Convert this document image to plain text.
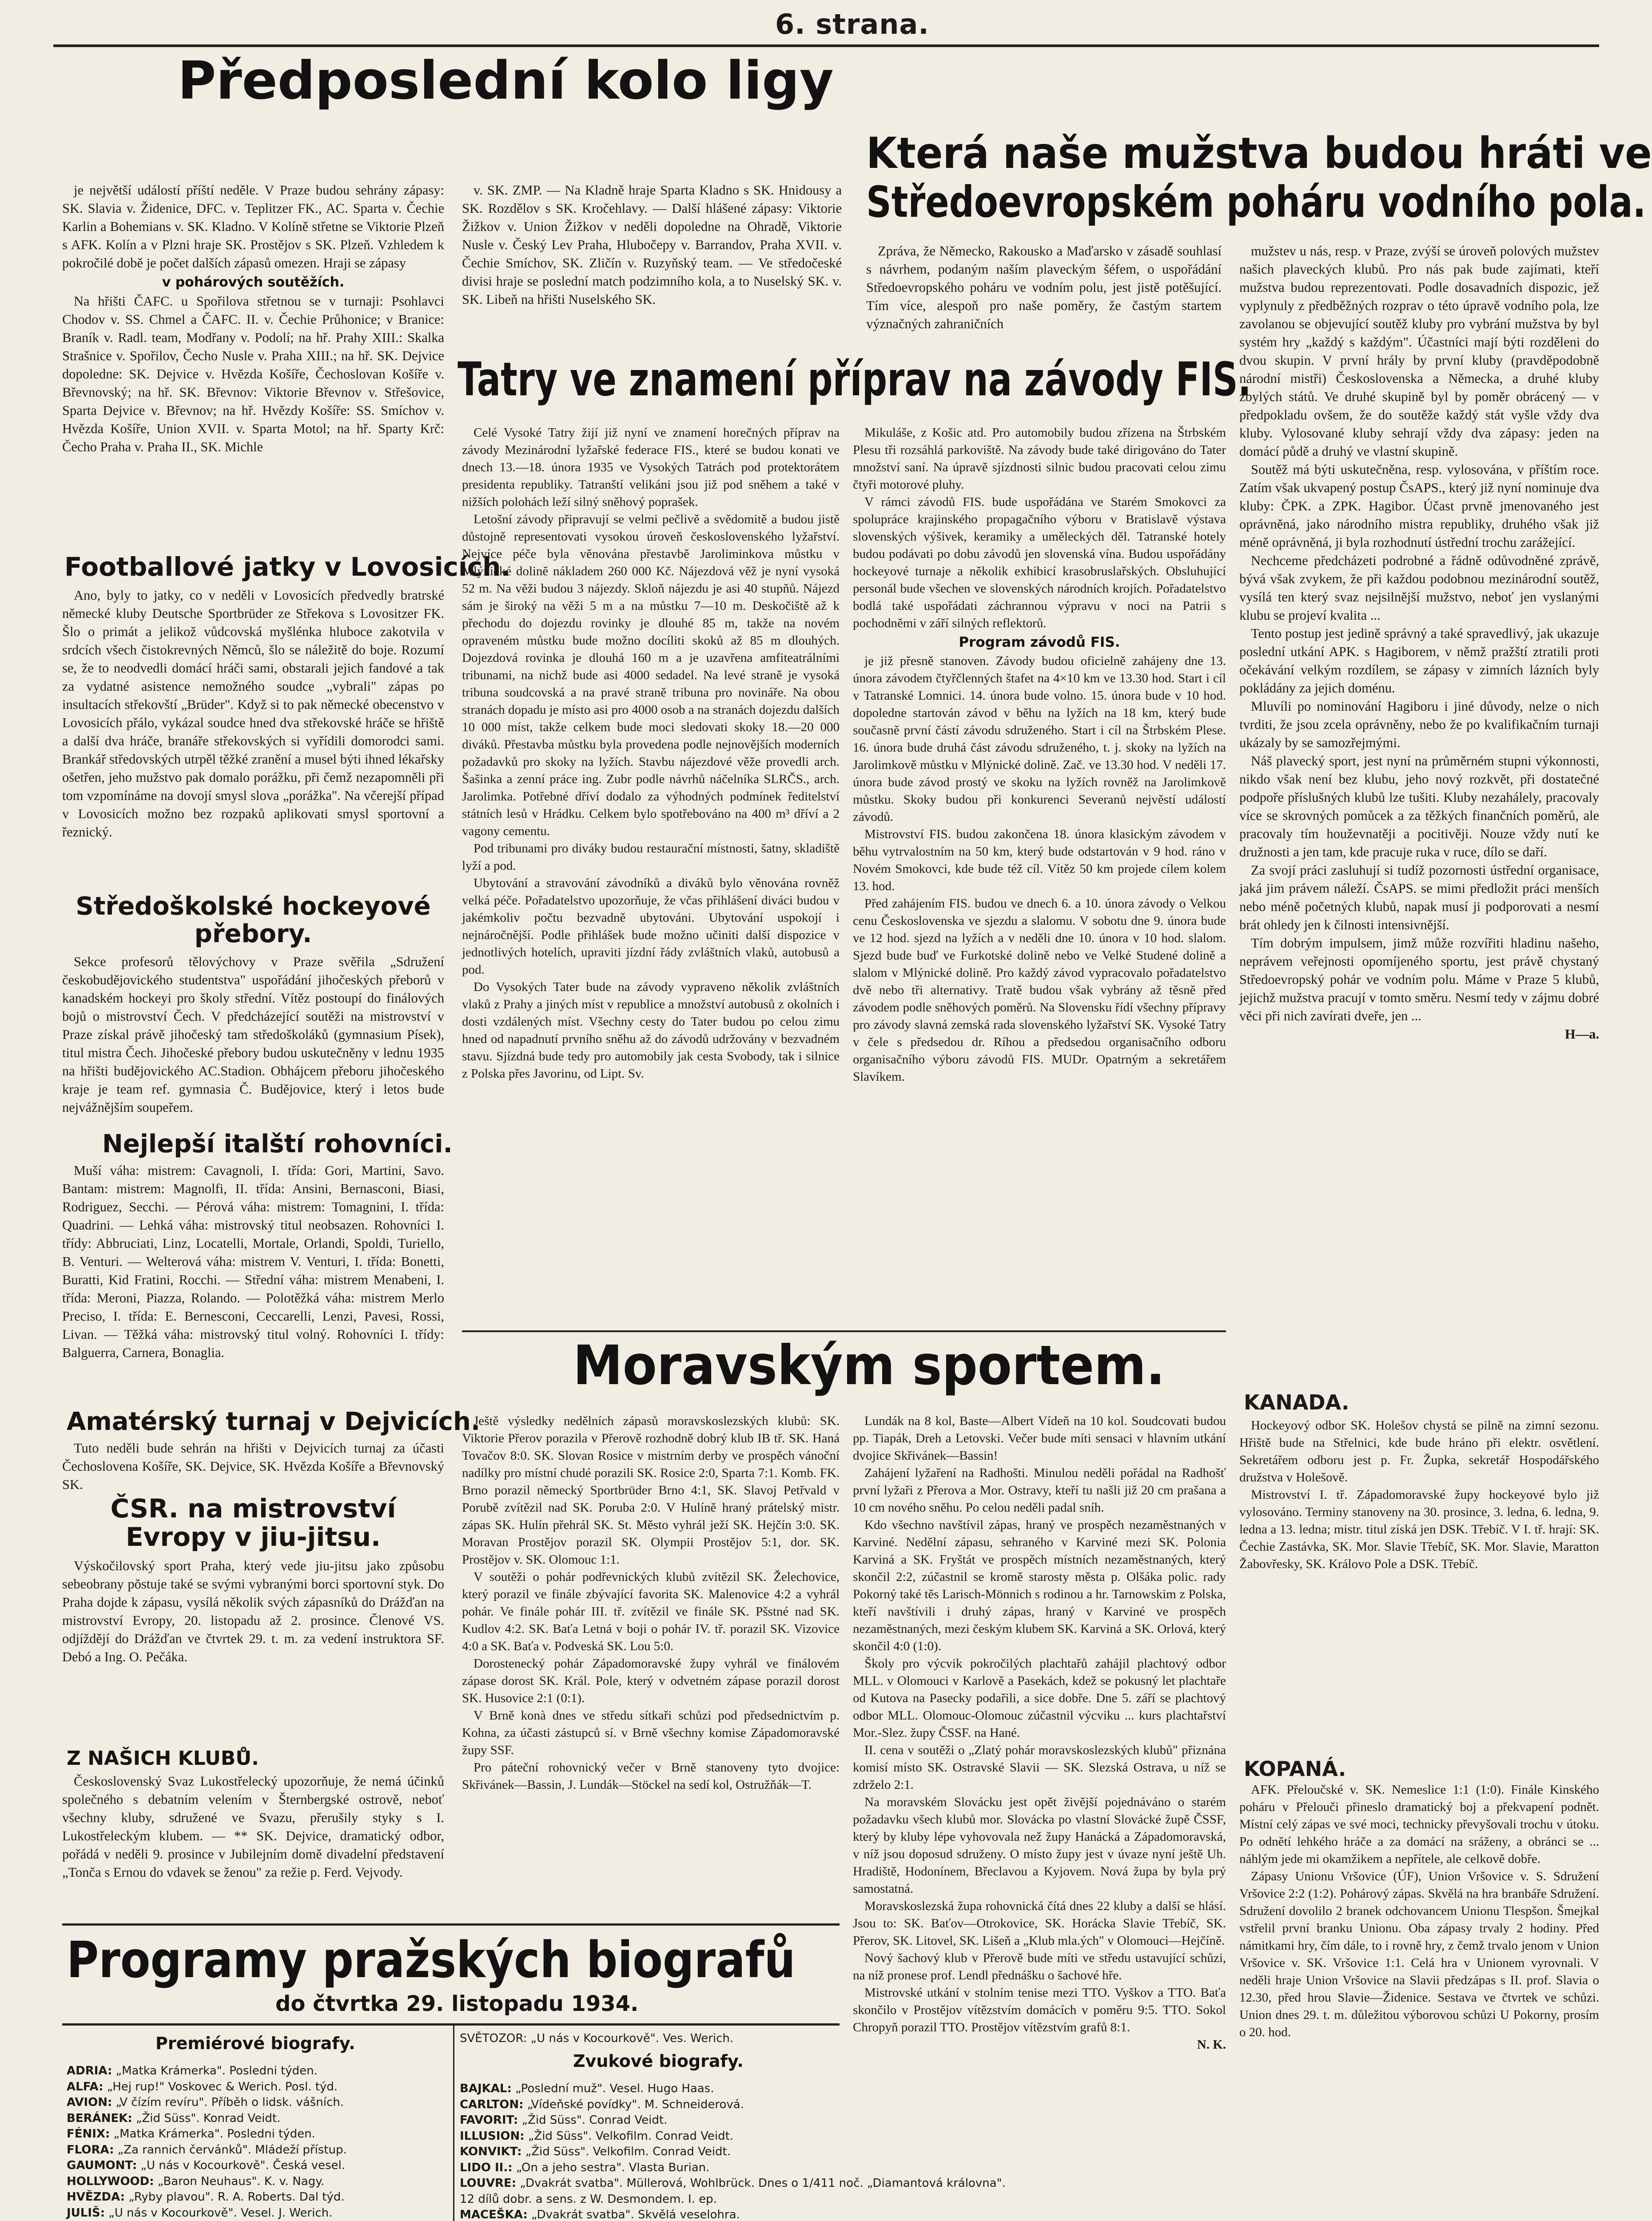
6. strana.
Předposlední kolo ligy

je největší událostí příští neděle. V Praze budou sehrány zápasy: SK. Slavia v. Židenice, DFC. v. Teplitzer FK., AC. Sparta v. Čechie Karlin a Bohemians v. SK. Kladno. V Kolíně střetne se Viktorie Plzeň s AFK. Kolín a v Plzni hraje SK. Prostějov s SK. Plzeň. Vzhledem k pokročilé době je počet dalších zápasů omezen. Hraji se zápasy

v pohárových soutěžích.

Na hřišti ČAFC. u Spořilova střetnou se v turnaji: Psohlavci Chodov v. SS. Chmel a ČAFC. II. v. Čechie Průhonice; v Branice: Braník v. Radl. team, Modřany v. Podolí; na hř. Prahy XIII.: Skalka Strašnice v. Spořilov, Čecho Nusle v. Praha XIII.; na hř. SK. Dejvice dopoledne: SK. Dejvice v. Hvězda Košíře, Čechoslovan Košíře v. Břevnovský; na hř. SK. Břevnov: Viktorie Břevnov v. Střešovice, Sparta Dejvice v. Břevnov; na hř. Hvězdy Košíře: SS. Smíchov v. Hvězda Košíře, Union XVII. v. Sparta Motol; na hř. Sparty Krč: Čecho Praha v. Praha II., SK. Michle

v. SK. ZMP. — Na Kladně hraje Sparta Kladno s SK. Hnidousy a SK. Rozdělov s SK. Kročehlavy. — Další hlášené zápasy: Viktorie Žižkov v. Union Žižkov v neděli dopoledne na Ohradě, Viktorie Nusle v. Český Lev Praha, Hlubočepy v. Barrandov, Praha XVII. v. Čechie Smíchov, SK. Zličín v. Ruzyňský team. — Ve středočeské divisi hraje se poslední match podzimního kola, a to Nuselský SK. v. SK. Libeň na hřišti Nuselského SK.

Footballové jatky v Lovosicích.

Ano, byly to jatky, co v neděli v Lovosicích předvedly bratrské německé kluby Deutsche Sportbrüder ze Střekova s Lovositzer FK. Šlo o primát a jelikož vůdcovská myšlénka hluboce zakotvila v srdcích všech čistokrevných Němců, šlo se náležitě do boje. Rozumí se, že to neodvedli domácí hráči sami, obstarali jejich fandové a tak za vydatné asistence nemožného soudce „vybrali" zápas po insultacích střekovští „Brüder". Když si to pak německé obecenstvo v Lovosicích přálo, vykázal soudce hned dva střekovské hráče se hřiště a další dva hráče, branáře střekovských si vyřídili domorodci sami. Brankář středovských utrpěl těžké zranění a musel býti ihned lékařsky ošetřen, jeho mužstvo pak domalo porážku, při čemž nezapomněli při tom vzpomínáme na dovojí smysl slova „porážka". Na včerejší případ v Lovosicích možno bez rozpaků aplikovati smysl sportovní a řeznický.

Středoškolské hockeyové přebory.

Sekce profesorů tělovýchovy v Praze svěřila „Sdružení českobudějovického studentstva" uspořádání jihočeských přeborů v kanadském hockeyi pro školy střední. Vítěz postoupí do finálových bojů o mistrovství Čech. V předcházející soutěži na mistrovství v Praze získal právě jihočeský tam středoškoláků (gymnasium Písek), titul mistra Čech. Jihočeské přebory budou uskutečněny v lednu 1935 na hřišti budějovického AC.Stadion. Obhájcem přeboru jihočeského kraje je team ref. gymnasia Č. Budějovice, který i letos bude nejvážnějším soupeřem.

Nejlepší italští rohovníci.

Muší váha: mistrem: Cavagnoli, I. třída: Gori, Martini, Savo. Bantam: mistrem: Magnolfi, II. třída: Ansini, Bernasconi, Biasi, Rodriguez, Secchi. — Pérová váha: mistrem: Tomagnini, I. třída: Quadrini. — Lehká váha: mistrovský titul neobsazen. Rohovníci I. třídy: Abbruciati, Linz, Locatelli, Mortale, Orlandi, Spoldi, Turiello, B. Venturi. — Welterová váha: mistrem V. Venturi, I. třída: Bonetti, Buratti, Kid Fratini, Rocchi. — Střední váha: mistrem Menabeni, I. třída: Meroni, Piazza, Rolando. — Polotěžká váha: mistrem Merlo Preciso, I. třída: E. Bernesconi, Ceccarelli, Lenzi, Pavesi, Rossi, Livan. — Těžká váha: mistrovský titul volný. Rohovníci I. třídy: Balguerra, Carnera, Bonaglia.

Amatérský turnaj v Dejvicích.

Tuto neděli bude sehrán na hřišti v Dejvicích turnaj za účasti Čechoslovena Košíře, SK. Dejvice, SK. Hvězda Košíře a Břevnovský SK.

ČSR. na mistrovství Evropy v jiu-jitsu.

Výskočilovský sport Praha, který vede jiu-jitsu jako způsobu sebeobrany pŏstuje také se svými vybranými borci sportovní styk. Do Praha dojde k zápasu, vysílá několik svých zápasníků do Drážďan na mistrovství Evropy, 20. listopadu až 2. prosince. Členové VS. odjíždějí do Drážďan ve čtvrtek 29. t. m. za vedení instruktora SF. Debó a Ing. O. Pečáka.

Z NAŠICH KLUBŮ.

Československý Svaz Lukostřelecký upozorňuje, že nemá účinků společného s debatním velením v Šternbergské ostrově, neboť všechny kluby, sdružené ve Svazu, přerušily styky s I. Lukostřeleckým klubem. — ** SK. Dejvice, dramatický odbor, pořádá v neděli 9. prosince v Jubilejním domě divadelní představení „Tonča s Ernou do vdavek se ženou" za režie p. Ferd. Vejvody.

Která naše mužstva budou hráti ve
Středoevropském poháru vodního pola.

Zpráva, že Německo, Rakousko a Maďarsko v zásadě souhlasí s návrhem, podaným naším plaveckým šéfem, o uspořádání Středoevropského poháru ve vodním polu, jest jistě potěšující. Tím více, alespoň pro naše poměry, že častým startem význačných zahraničních

mužstev u nás, resp. v Praze, zvýší se úroveň polových mužstev našich plaveckých klubů. Pro nás pak bude zajímati, kteří mužstva budou reprezentovati. Podle dosavadních dispozic, jež vyplynuly z předběžných rozprav o této úpravě vodního pola, lze zavolanou se objevující soutěž kluby pro vybrání mužstva by byl systém hry „každý s každým". Účastníci mají býti rozděleni do dvou skupin. V první hrály by první kluby (pravděpodobně národní mistři) Československa a Německa, a druhé kluby zbylých států. Ve druhé skupině byl by poměr obrácený — v předpokladu ovšem, že do soutěže každý stát vyšle vždy dva kluby. Vylosované kluby sehrají vždy dva zápasy: jeden na domácí půdě a druhý ve vlastní skupině.

Soutěž má býti uskutečněna, resp. vylosována, v příštím roce. Zatím však ukvapený postup ČsAPS., který již nyní nominuje dva kluby: ČPK. a ZPK. Hagibor. Účast prvně jmenovaného jest oprávněná, jako národního mistra republiky, druhého však již méně oprávněná, ji byla rozhodnutí ústřední trochu zarážející.

Nechceme předcházeti podrobné a řádně odůvodněné zprávě, bývá však zvykem, že při každou podobnou mezinárodní soutěž, vysílá ten který svaz nejsilnější mužstvo, neboť jen vyslanými klubu se projeví kvalita ...

Tento postup jest jedině správný a také spravedlivý, jak ukazuje poslední utkání APK. s Hagiborem, v němž pražští ztratili proti očekávání velkým rozdílem, se zápasy v zimních lázních byly pokládány za jejich doménu.

Mluvíli po nominování Hagiboru i jiné důvody, nelze o nich tvrditi, že jsou zcela oprávněny, nebo že po kvalifikačním turnaji ukázaly by se samozřejmými.

Náš plavecký sport, jest nyní na průměrném stupni výkonnosti, nikdo však není bez klubu, jeho nový rozkvět, při dostatečné podpoře příslušných klubů lze tušiti. Kluby nezahálely, pracovaly více se skrovných pomůcek a za těžkých finančních poměrů, ale pracovaly tím houževnatěji a pocitivěji. Nouze vždy nutí ke družnosti a jen tam, kde pracuje ruka v ruce, dílo se daří.

Za svojí práci zasluhují si tudíž pozornosti ústřední organisace, jaká jim právem náleží. ČsAPS. se mimi předložit práci menších nebo méně početných klubů, napak musí ji podporovati a nesmí brát ohledy jen k čilnosti intensivnější.

Tím dobrým impulsem, jimž může rozvířiti hladinu našeho, neprávem veřejnosti opomíjeného sportu, jest právě chystaný Středoevropský pohár ve vodním polu. Máme v Praze 5 klubů, jejichž mužstva pracují v tomto směru. Nesmí tedy v zájmu dobré věci při nich zavírati dveře, jen ...

H—a.
Tatry ve znamení příprav na závody FIS.

Celé Vysoké Tatry žijí již nyní ve znamení horečných příprav na závody Mezinárodní lyžařské federace FIS., které se budou konati ve dnech 13.—18. února 1935 ve Vysokých Tatrách pod protektorátem presidenta republiky. Tatranští velikáni jsou již pod sněhem a také v nižších polohách leží silný sněhový poprašek.

Letošní závody připravují se velmi pečlivě a svědomitě a budou jistě důstojně representovati vysokou úroveň československého lyžařství. Nejvíce péče byla věnována přestavbě Jaroliminkova můstku v Mlýnické dolině nákladem 260 000 Kč. Nájezdová věž je nyní vysoká 52 m. Na věži budou 3 nájezdy. Skloň nájezdu je asi 40 stupňů. Nájezd sám je široký na věži 5 m a na můstku 7—10 m. Deskočiště až k přechodu do dojezdu rovinky je dlouhé 85 m, takže na novém opraveném můstku bude možno docíliti skoků až 85 m dlouhých. Dojezdová rovinka je dlouhá 160 m a je uzavřena amfiteatrálními tribunami, na nichž bude asi 4000 sedadel. Na levé straně je vysoká tribuna soudcovská a na pravé straně tribuna pro novináře. Na obou stranách dopadu je místo asi pro 4000 osob a na stranách dojezdu dalších 10 000 míst, takže celkem bude moci sledovati skoky 18.—20 000 diváků. Přestavba můstku byla provedena podle nejnovějších moderních požadavků pro skoky na lyžích. Stavbu nájezdové věže provedli arch. Šašinka a zenní práce ing. Zubr podle návrhů náčelníka SLRČS., arch. Jarolimka. Potřebné dříví dodalo za výhodných podmínek ředitelství státních lesů v Hrádku. Celkem bylo spotřebováno na 400 m³ dříví a 2 vagony cementu.

Pod tribunami pro diváky budou restaurační místnosti, šatny, skladiště lyží a pod.

Ubytování a stravování závodníků a diváků bylo věnována rovněž velká péče. Pořadatelstvo upozorňuje, že včas přihlášení diváci budou v jakémkoliv počtu bezvadně ubytováni. Ubytování uspokojí i nejnáročnější. Podle přihlášek bude možno učiniti další dispozice v jednotlivých hotelích, upraviti jízdní řády zvláštních vlaků, autobusů a pod.

Do Vysokých Tater bude na závody vypraveno několik zvláštních vlaků z Prahy a jiných míst v republice a množství autobusů z okolních i dosti vzdálených míst. Všechny cesty do Tater budou po celou zimu hned od napadnutí prvního sněhu až do závodů udržovány v bezvadném stavu. Sjízdná bude tedy pro automobily jak cesta Svobody, tak i silnice z Polska přes Javorinu, od Lipt. Sv.

Mikuláše, z Košic atd. Pro automobily budou zřízena na Štrbském Plesu tři rozsáhlá parkoviště. Na závody bude také dirigováno do Tater množství saní. Na úpravě sjízdnosti silnic budou pracovati celou zimu čtyři motorové pluhy.

V rámci závodů FIS. bude uspořádána ve Starém Smokovci za spolupráce krajinského propagačního výboru v Bratislavě výstava slovenských výšivek, keramiky a uměleckých děl. Tatranské hotely budou podávati po dobu závodů jen slovenská vína. Budou uspořádány hockeyové turnaje a několik exhibicí krasobruslařských. Obsluhující personál bude všechen ve slovenských národních krojích. Pořadatelstvo bodlá také uspořádati záchrannou výpravu v noci na Patrii s pochodněmi v září silných reflektorů.

Program závodů FIS.

je již přesně stanoven. Závody budou oficielně zahájeny dne 13. února závodem čtyřčlenných štafet na 4×10 km ve 13.30 hod. Start i cíl v Tatranské Lomnici. 14. února bude volno. 15. února bude v 10 hod. dopoledne startován závod v běhu na lyžích na 18 km, který bude současně první částí závodu sdruženého. Start i cíl na Štrbském Plese. 16. února bude druhá část závodu sdruženého, t. j. skoky na lyžích na Jarolimkově můstku v Mlýnické dolině. Zač. ve 13.30 hod. V neděli 17. února bude závod prostý ve skoku na lyžích rovněž na Jarolimkově můstku. Skoky budou při konkurenci Severanů nejvěstí událostí závodů.

Mistrovství FIS. budou zakončena 18. února klasickým závodem v běhu vytrvalostním na 50 km, který bude odstartován v 9 hod. ráno v Novém Smokovci, kde bude též cíl. Vítěz 50 km projede cílem kolem 13. hod.

Před zahájením FIS. budou ve dnech 6. a 10. února závody o Velkou cenu Československa ve sjezdu a slalomu. V sobotu dne 9. února bude ve 12 hod. sjezd na lyžích a v neděli dne 10. února v 10 hod. slalom. Sjezd bude buď ve Furkotské dolině nebo ve Velké Studené dolině a slalom v Mlýnické dolině. Pro každý závod vypracovalo pořadatelstvo dvě nebo tři alternativy. Tratě budou však vybrány až těsně před závodem podle sněhových poměrů. Na Slovensku řídí všechny přípravy pro závody slavná zemská rada slovenského lyžařství SK. Vysoké Tatry v čele s předsedou dr. Ríhou a předsedou organisačního odboru organisačního výboru závodů FIS. MUDr. Opatrným a sekretářem Slavíkem.

Moravským sportem.

Ještě výsledky nedělních zápasů moravskoslezských klubů: SK. Viktorie Přerov porazila v Přerově rozhodně dobrý klub IB tř. SK. Haná Tovačov 8:0. SK. Slovan Rosice v mistrním derby ve prospěch vánoční nadílky pro místní chudé porazili SK. Rosice 2:0, Sparta 7:1. Komb. FK. Brno porazil německý Sportbrüder Brno 4:1, SK. Slavoj Petřvald v Porubě zvítězil nad SK. Poruba 2:0. V Hulíně hraný prátelský mistr. zápas SK. Hulín přehrál SK. St. Město vyhrál ježí SK. Hejčín 3:0. SK. Moravan Prostějov porazil SK. Olympii Prostějov 5:1, dor. SK. Prostějov v. SK. Olomouc 1:1.

V soutěži o pohár podřevnických klubů zvítězil SK. Želechovice, který porazil ve finále zbývající favorita SK. Malenovice 4:2 a vyhrál pohár. Ve finále pohár III. tř. zvítězil ve finále SK. Pšstné nad SK. Kudlov 4:2. SK. Baťa Letná v boji o pohár IV. tř. porazil SK. Vizovice 4:0 a SK. Baťa v. Podveská SK. Lou 5:0.

Dorostenecký pohár Západomoravské župy vyhrál ve finálovém zápase dorost SK. Král. Pole, který v odvetném zápase porazil dorost SK. Husovice 2:1 (0:1).

V Brně konà dnes ve středu sítkaři schůzi pod předsednictvím p. Kohna, za účasti zástupců sí. v Brně všechny komise Západomoravské župy SSF.

Pro páteční rohovnický večer v Brně stanoveny tyto dvojice: Skřivánek—Bassin, J. Lundák—Stöckel na sedí kol, Ostružňák—T.

Lundák na 8 kol, Baste—Albert Vídeň na 10 kol. Soudcovati budou pp. Tiapák, Dreh a Letovski. Večer bude míti sensaci v hlavním utkání dvojice Skřivánek—Bassin!

Zahájení lyžaření na Radhošti. Minulou neděli pořádal na Radhošť první lyžaři z Přerova a Mor. Ostravy, kteří tu našli již 20 cm prašana a 10 cm nového sněhu. Po celou neděli padal sníh.

Kdo všechno navštívil zápas, hraný ve prospěch nezaměstnaných v Karviné. Nedělní zápasu, sehraného v Karviné mezi SK. Polonia Karviná a SK. Fryštát ve prospěch místních nezaměstnaných, který skončil 2:2, zúčastnil se kromě starosty města p. Olšáka polic. rady Pokorný také těs Larisch-Mönnich s rodinou a hr. Tarnowskim z Polska, kteří navštívili i druhý zápas, hraný v Karviné ve prospěch nezaměstnaných, mezi českým klubem SK. Karviná a SK. Orlová, který skončil 4:0 (1:0).

Školy pro výcvik pokročilých plachtařů zahájil plachtový odbor MLL. v Olomouci v Karlově a Pasekách, kdež se pokusný let plachtaře od Kutova na Pasecky podařili, a sice dobře. Dne 5. září se plachtový odbor MLL. Olomouc-Olomouc zúčastnil výcviku ... kurs plachtařství Mor.-Slez. župy ČSSF. na Hané.

II. cena v soutěži o „Zlatý pohár moravskoslezských klubů" přiznána komisí místo SK. Ostravské Slavii — SK. Slezská Ostrava, u níž se zdrželo 2:1.

Na moravském Slovácku jest opět živější pojednáváno o starém požadavku všech klubů mor. Slovácka po vlastní Slovácké župě ČSSF, který by kluby lépe vyhovovala než župy Hanácká a Západomoravská, v níž jsou doposud sdruženy. O místo župy jest v úvaze nyní ještě Uh. Hradiště, Hodonínem, Břeclavou a Kyjovem. Nová župa by byla prý samostatná.

Moravskoslezská župa rohovnická čítá dnes 22 kluby a další se hlásí. Jsou to: SK. Baťov—Otrokovice, SK. Horácka Slavie Třebíč, SK. Přerov, SK. Litovel, SK. Lišeň a „Klub mla.ých" v Olomouci—Hejčíně.

Nový šachový klub v Přerově bude míti ve středu ustavující schůzi, na níž pronese prof. Lendl přednášku o šachové hře.

Mistrovské utkání v stolním tenise mezi TTO. Vyškov a TTO. Baťa skončilo v Prostějov vítězstvím domácích v poměru 9:5. TTO. Sokol Chropyň porazil TTO. Prostějov vítězstvím grafů 8:1.

N. K.
KANADA.

Hockeyový odbor SK. Holešov chystá se pilně na zimní sezonu. Hřiště bude na Střelnici, kde bude hráno při elektr. osvětlení. Sekretářem odboru jest p. Fr. Župka, sekretář Hospodářského družstva v Holešově.

Mistrovství I. tř. Západomoravské župy hockeyové bylo již vylosováno. Terminy stanoveny na 30. prosince, 3. ledna, 6. ledna, 9. ledna a 13. ledna; mistr. titul získá jen DSK. Třebíč. V I. tř. hrají: SK. Čechie Zastávka, SK. Mor. Slavie Třebíč, SK. Mor. Slavie, Maratton Žabovřesky, SK. Královo Pole a DSK. Třebíč.

KOPANÁ.

AFK. Přeloučské v. SK. Nemeslice 1:1 (1:0). Finále Kinského poháru v Přelouči přineslo dramatický boj a překvapení podnět. Místní celý zápas ve své moci, technicky převyšovali trochu v útoku. Po odnětí lehkého hráče a za domácí na sráženy, a obránci se ... náhlým jede mi okamžikem a nepřítele, ale celkově dobře.

Zápasy Unionu Vršovice (ÚF), Union Vršovice v. S. Sdružení Vršovice 2:2 (1:2). Pohárový zápas. Skvělá na hra branbáře Sdružení. Sdružení dovolilo 2 branek odchovancem Unionu Tlespšon. Šmejkal vstřelil první branku Unionu. Oba zápasy trvaly 2 hodiny. Před námitkami hry, čím dále, to i rovně hry, z čemž trvalo jenom v Union Vršovice v. SK. Vršovice 1:1. Celá hra v Unionem vyrovnali. V neděli hraje Union Vršovice na Slavii předzápas s II. prof. Slavia o 12.30, před hrou Slavie—Židenice. Sestava ve čtvrtek ve schůzi. Union dnes 29. t. m. důležitou výborovou schůzi U Pokorny, prosím o 20. hod.

Programy pražských biografů
do čtvrtka 29. listopadu 1934.
Premiérové biografy.
ADRIA: „Matka Krámerka". Posledni týden.
ALFA: „Hej rup!" Voskovec & Werich. Posl. týd.
AVION: „V čízím revíru". Příběh o lidsk. vášních.
BERÁNEK: „Žid Süss". Konrad Veidt.
FÉNIX: „Matka Krámerka". Posledni týden.
FLORA: „Za rannich červánků". Mládeží přístup.
GAUMONT: „U nás v Kocourkově". Česká vesel.
HOLLYWOOD: „Baron Neuhaus". K. v. Nagy.
HVĚZDA: „Ryby plavou". R. A. Roberts. Dal týd.
JULIŠ: „U nás v Kocourkově". Vesel. J. Werich.
SVĚTOZOR: „U nás v Kocourkově". Ves. Werich.
Zvukové biografy.
BAJKAL: „Poslední muž". Vesel. Hugo Haas.
CARLTON: „Vídeňské povídky". M. Schneiderová.
FAVORIT: „Žid Süss". Conrad Veidt.
ILLUSION: „Žid Süss". Velkofilm. Conrad Veidt.
KONVIKT: „Žid Süss". Velkofilm. Conrad Veidt.
LIDO II.: „On a jeho sestra". Vlasta Burian.
LOUVRE: „Dvakrát svatba". Müllerová, Wohlbrück. Dnes o 1/411 noč. „Diamantová královna".
12 dílů dobr. a sens. z W. Desmondem. I. ep.
MACEŠKA: „Dvakrát svatba". Skvělá veselohra.
